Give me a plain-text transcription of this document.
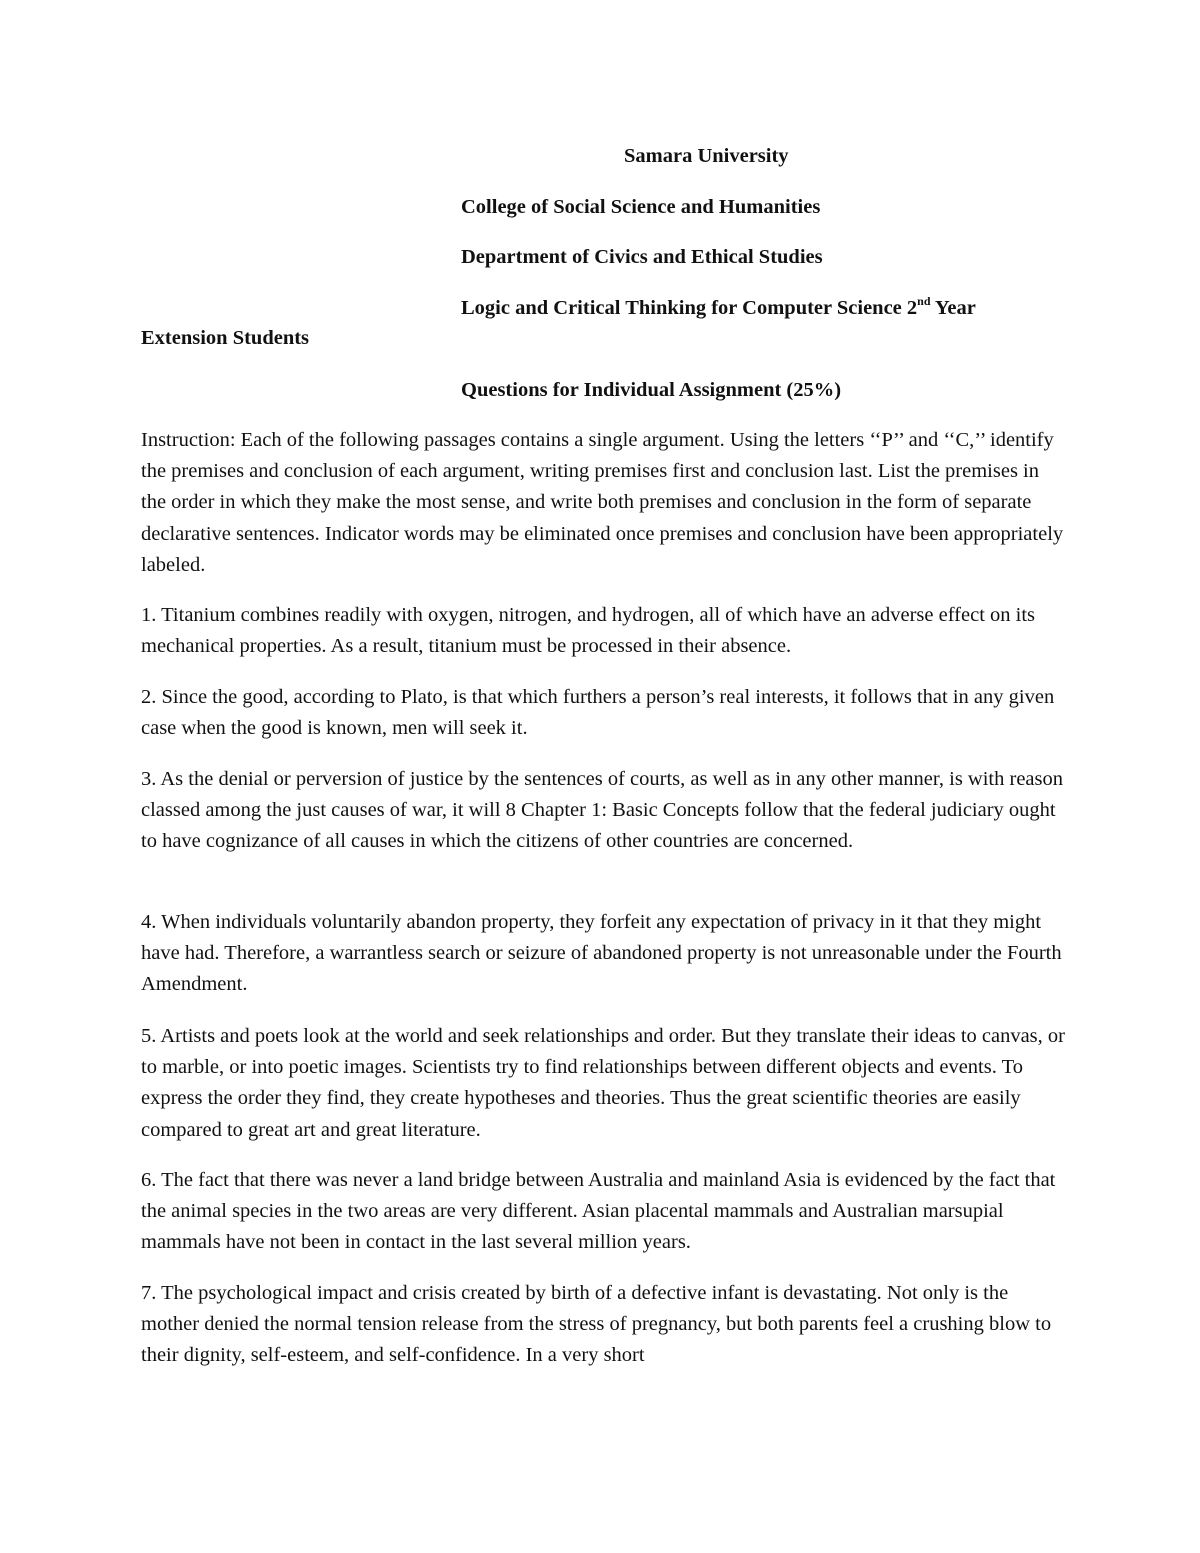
Samara University
College of Social Science and Humanities
Department of Civics and Ethical Studies
Logic and Critical Thinking for Computer Science 2nd Year
Extension Students
Questions for Individual Assignment (25%)
Instruction: Each of the following passages contains a single argument. Using the letters ‘‘P’’ and ‘‘C,’’ identify the premises and conclusion of each argument, writing premises first and conclusion last. List the premises in the order in which they make the most sense, and write both premises and conclusion in the form of separate declarative sentences. Indicator words may be eliminated once premises and conclusion have been appropriately labeled.
1. Titanium combines readily with oxygen, nitrogen, and hydrogen, all of which have an adverse effect on its mechanical properties. As a result, titanium must be processed in their absence.
2. Since the good, according to Plato, is that which furthers a person’s real interests, it follows that in any given case when the good is known, men will seek it.
3. As the denial or perversion of justice by the sentences of courts, as well as in any other manner, is with reason classed among the just causes of war, it will 8 Chapter 1: Basic Concepts follow that the federal judiciary ought to have cognizance of all causes in which the citizens of other countries are concerned.
4. When individuals voluntarily abandon property, they forfeit any expectation of privacy in it that they might have had. Therefore, a warrantless search or seizure of abandoned property is not unreasonable under the Fourth Amendment.
5. Artists and poets look at the world and seek relationships and order. But they translate their ideas to canvas, or to marble, or into poetic images. Scientists try to find relationships between different objects and events. To express the order they find, they create hypotheses and theories. Thus the great scientific theories are easily compared to great art and great literature.
6. The fact that there was never a land bridge between Australia and mainland Asia is evidenced by the fact that the animal species in the two areas are very different. Asian placental mammals and Australian marsupial mammals have not been in contact in the last several million years.
7. The psychological impact and crisis created by birth of a defective infant is devastating. Not only is the mother denied the normal tension release from the stress of pregnancy, but both parents feel a crushing blow to their dignity, self-esteem, and self-confidence. In a very short
